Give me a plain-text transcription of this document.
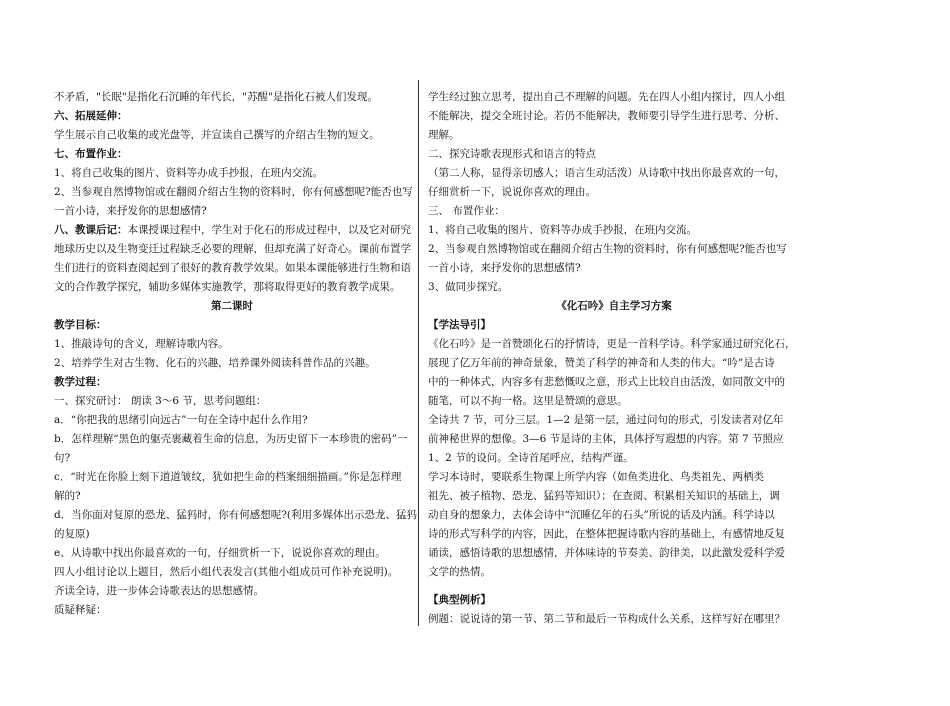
不矛盾，"长眠"是指化石沉睡的年代长，"苏醒"是指化石被人们发现。
六、拓展延伸：
学生展示自己收集的或光盘等，并宣读自己撰写的介绍古生物的短文。
七、布置作业：
1、将自己收集的图片、资料等办成手抄报，在班内交流。
2、当参观自然博物馆或在翻阅介绍古生物的资料时，你有何感想呢?能否也写
一首小诗，来抒发你的思想感情?
八、教课后记：本课授课过程中，学生对于化石的形成过程中，以及它对研究
地球历史以及生物变迁过程缺乏必要的理解，但却充满了好奇心。课前布置学
生们进行的资料查阅起到了很好的教育教学效果。如果本课能够进行生物和语
文的合作教学探究，辅助多媒体实施教学，那将取得更好的教育教学成果。
第二课时
教学目标：
1、推敲诗句的含义，理解诗歌内容。
2、培养学生对古生物、化石的兴趣，培养课外阅读科普作品的兴趣。
教学过程：
一、探究研讨： 朗读 3～6 节，思考问题组：
a．“你把我的思绪引向远古”一句在全诗中起什么作用?
b．怎样理解“黑色的躯壳裹藏着生命的信息，为历史留下一本珍贵的密码”一
句?
c．“时光在你脸上刻下道道皱纹，犹如把生命的档案细细描画。”你是怎样理
解的?
d．当你面对复原的恐龙、猛犸时，你有何感想呢?(利用多媒体出示恐龙、猛犸
的复原)
e、从诗歌中找出你最喜欢的一句，仔细赏析一下，说说你喜欢的理由。
四人小组讨论以上题目，然后小组代表发言(其他小组成员可作补充说明)。
齐读全诗，进一步体会诗歌表达的思想感情。
质疑释疑：
学生经过独立思考，提出自己不理解的问题。先在四人小组内探讨，四人小组
不能解决，提交全班讨论。若仍不能解决，教师要引导学生进行思考、分析、
理解。
二、探究诗歌表现形式和语言的特点
（第二人称，显得亲切感人；语言生动活泼）从诗歌中找出你最喜欢的一句，
仔细赏析一下，说说你喜欢的理由。
三、 布置作业：
1、将自己收集的图片、资料等办成手抄报，在班内交流。
2、当参观自然博物馆或在翻阅介绍古生物的资料时，你有何感想呢?能否也写
一首小诗，来抒发你的思想感情?
3、做同步探究。
《化石吟》自主学习方案
【学法导引】
《化石吟》是一首赞颂化石的抒情诗，更是一首科学诗。科学家通过研究化石，
展现了亿万年前的神奇景象，赞美了科学的神奇和人类的伟大。“吟”是古诗
中的一种体式，内容多有悲愁慨叹之意，形式上比较自由活泼，如同散文中的
随笔，可以不拘一格。这里是赞颂的意思。
全诗共 7 节，可分三层。1—2 是第一层，通过问句的形式，引发读者对亿年
前神秘世界的想像。3—6 节是诗的主体，具体抒写遐想的内容。第 7 节照应
1、2 节的设问。全诗首尾呼应，结构严谨。
学习本诗时，要联系生物课上所学内容（如鱼类进化、鸟类祖先、两栖类
祖先、被子植物、恐龙、猛犸等知识）；在查阅、积累相关知识的基础上，调
动自身的想象力，去体会诗中“沉睡亿年的石头”所说的话及内涵。科学诗以
诗的形式写科学的内容，因此，在整体把握诗歌内容的基础上，有感情地反复
诵读，感悟诗歌的思想感情，并体味诗的节奏美、韵律美，以此激发爱科学爱
文学的热情。
【典型例析】
例题：说说诗的第一节、第二节和最后一节构成什么关系，这样写好在哪里？
